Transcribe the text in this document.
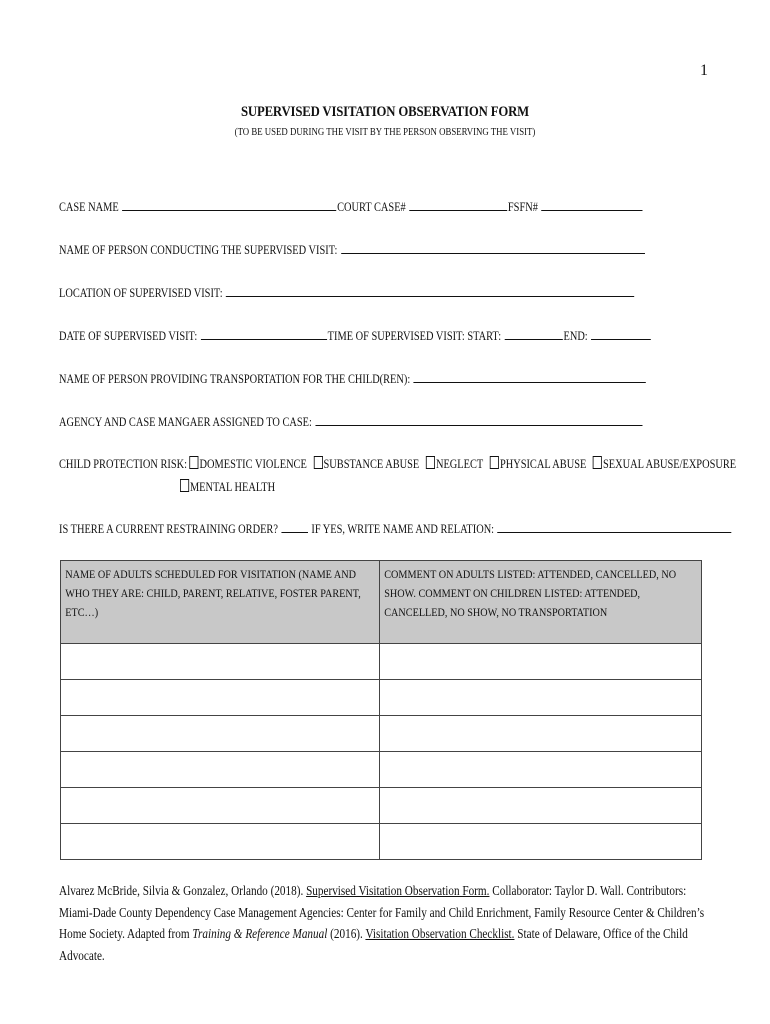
1
SUPERVISED VISITATION OBSERVATION FORM
(TO BE USED DURING THE VISIT BY THE PERSON OBSERVING THE VISIT)
CASE NAME	COURT CASE#	FSFN#
NAME OF PERSON CONDUCTING THE SUPERVISED VISIT:
LOCATION OF SUPERVISED VISIT:
DATE OF SUPERVISED VISIT:	TIME OF SUPERVISED VISIT: START:	END:
NAME OF PERSON PROVIDING TRANSPORTATION FOR THE CHILD(REN):
AGENCY AND CASE MANGAER ASSIGNED TO CASE:
CHILD PROTECTION RISK: DOMESTIC VIOLENCE SUBSTANCE ABUSE NEGLECT PHYSICAL ABUSE SEXUAL ABUSE/EXPOSURE
MENTAL HEALTH
IS THERE A CURRENT RESTRAINING ORDER?	IF YES, WRITE NAME AND RELATION:
NAME OF ADULTS SCHEDULED FOR VISITATION (NAME AND WHO THEY ARE: CHILD, PARENT, RELATIVE, FOSTER PARENT, ETC…)	COMMENT ON ADULTS LISTED: ATTENDED, CANCELLED, NO SHOW. COMMENT ON CHILDREN LISTED: ATTENDED, CANCELLED, NO SHOW, NO TRANSPORTATION

Alvarez McBride, Silvia & Gonzalez, Orlando (2018). Supervised Visitation Observation Form. Collaborator: Taylor D. Wall. Contributors: Miami-Dade County Dependency Case Management Agencies: Center for Family and Child Enrichment, Family Resource Center & Children’s Home Society. Adapted from Training & Reference Manual (2016). Visitation Observation Checklist. State of Delaware, Office of the Child Advocate.
